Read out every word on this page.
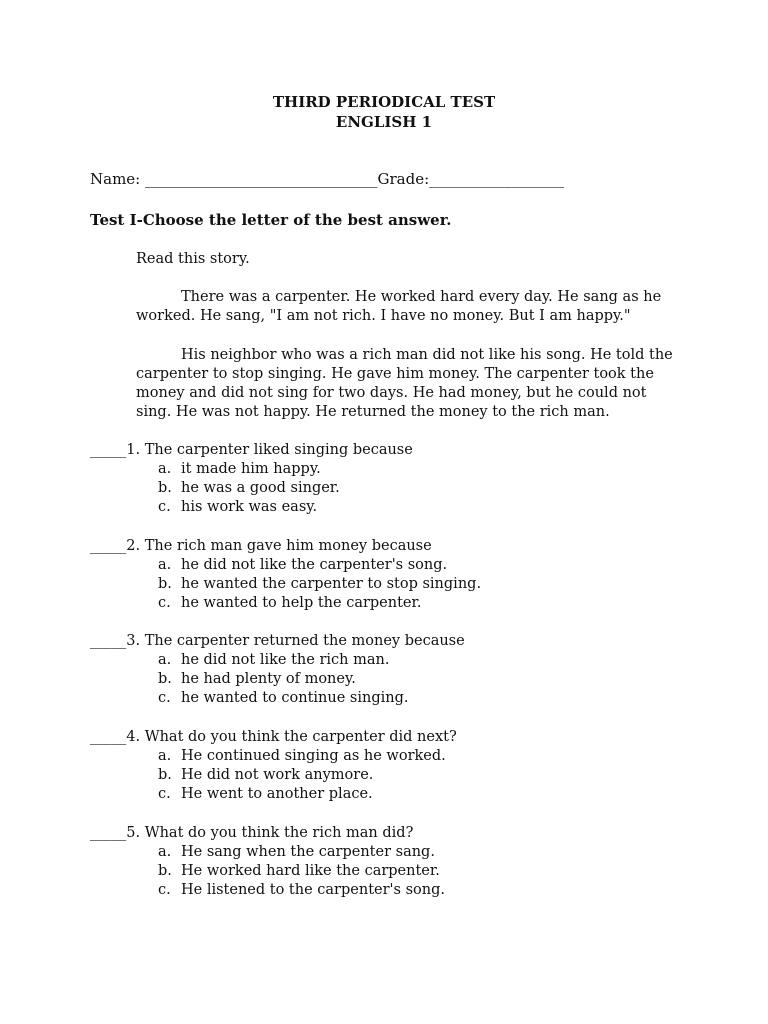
THIRD PERIODICAL TEST
ENGLISH 1
Name: _______________________________Grade:__________________
Test I-Choose the letter of the best answer.
Read this story.
There was a carpenter. He worked hard every day. He sang as he worked. He sang, "I am not rich. I have no money. But I am happy."
His neighbor who was a rich man did not like his song. He told the carpenter to stop singing. He gave him money. The carpenter took the money and did not sing for two days. He had money, but he could not sing. He was not happy. He returned the money to the rich man.
_____1. The carpenter liked singing because
a. it made him happy.
b. he was a good singer.
c. his work was easy.
_____2. The rich man gave him money because
a. he did not like the carpenter's song.
b. he wanted the carpenter to stop singing.
c. he wanted to help the carpenter.
_____3. The carpenter returned the money because
a. he did not like the rich man.
b. he had plenty of money.
c. he wanted to continue singing.
_____4. What do you think the carpenter did next?
a. He continued singing as he worked.
b. He did not work anymore.
c. He went to another place.
_____5. What do you think the rich man did?
a. He sang when the carpenter sang.
b. He worked hard like the carpenter.
c. He listened to the carpenter's song.
